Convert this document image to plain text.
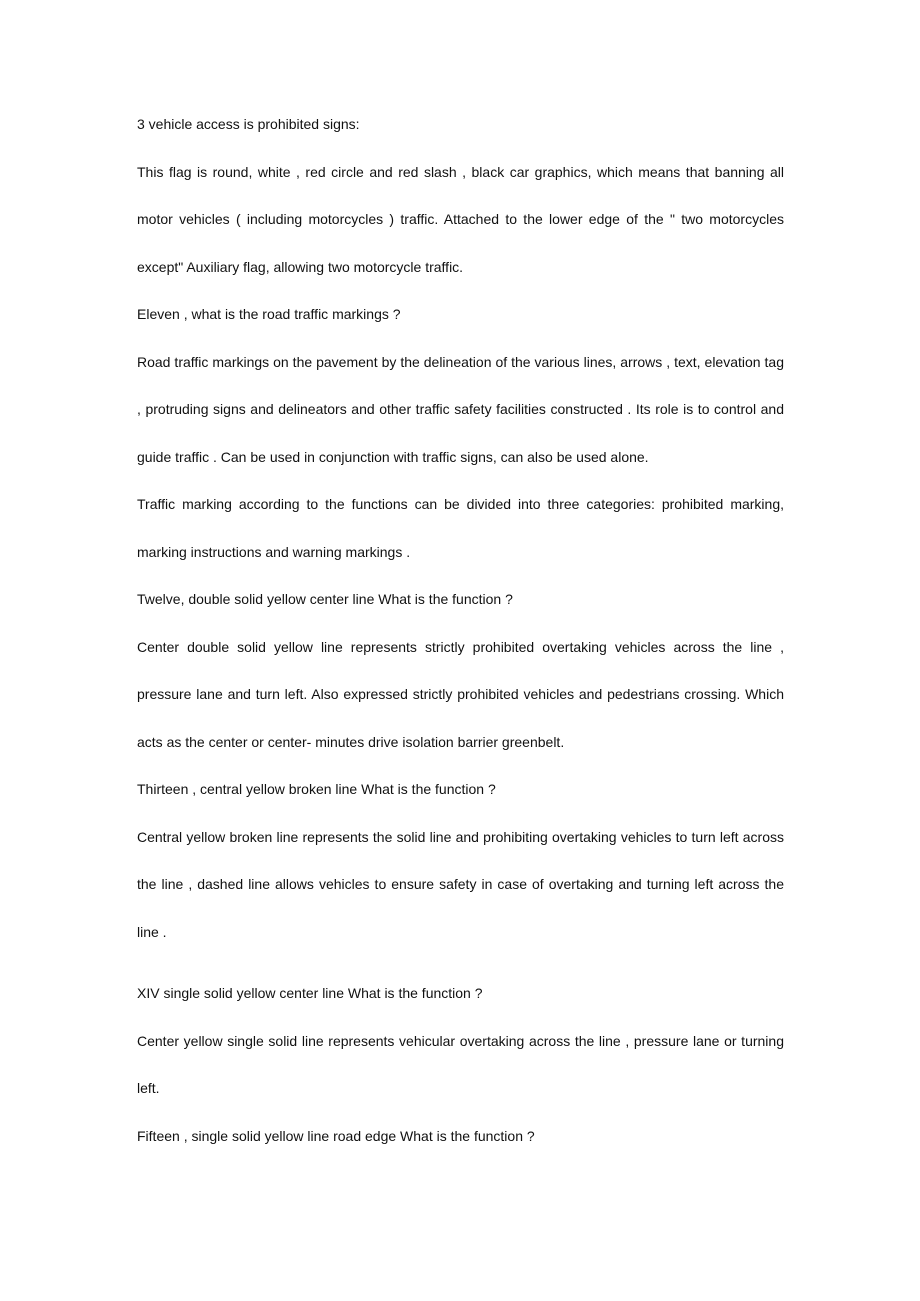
3 vehicle access is prohibited signs:

This flag is round, white , red circle and red slash , black car graphics, which means that banning all motor vehicles ( including motorcycles ) traffic. Attached to the lower edge of the " two motorcycles except" Auxiliary flag, allowing two motorcycle traffic.

Eleven , what is the road traffic markings ?

Road traffic markings on the pavement by the delineation of the various lines, arrows , text, elevation tag , protruding signs and delineators and other traffic safety facilities constructed . Its role is to control and guide traffic . Can be used in conjunction with traffic signs, can also be used alone.

Traffic marking according to the functions can be divided into three categories: prohibited marking, marking instructions and warning markings .

Twelve, double solid yellow center line What is the function ?

Center double solid yellow line represents strictly prohibited overtaking vehicles across the line , pressure lane and turn left. Also expressed strictly prohibited vehicles and pedestrians crossing. Which acts as the center or center- minutes drive isolation barrier greenbelt.

Thirteen , central yellow broken line What is the function ?

Central yellow broken line represents the solid line and prohibiting overtaking vehicles to turn left across the line , dashed line allows vehicles to ensure safety in case of overtaking and turning left across the line .

XIV single solid yellow center line What is the function ?

Center yellow single solid line represents vehicular overtaking across the line , pressure lane or turning left.

Fifteen , single solid yellow line road edge What is the function ?
